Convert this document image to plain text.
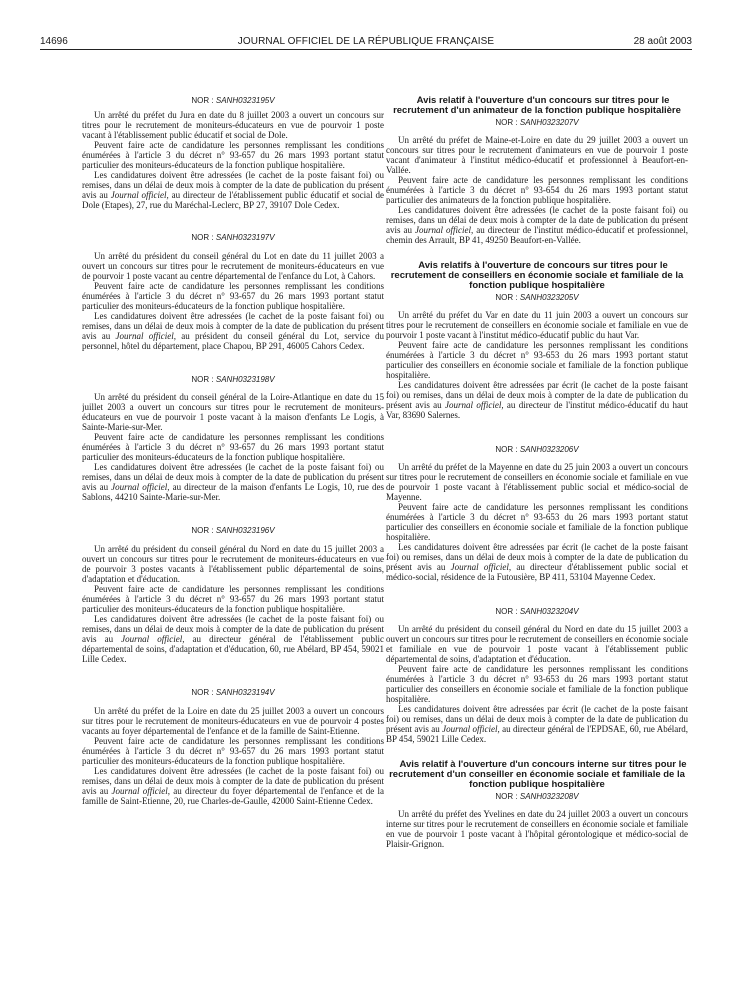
14696	JOURNAL OFFICIEL DE LA RÉPUBLIQUE FRANÇAISE	28 août 2003

NOR : SANH0323195V

Un arrêté du préfet du Jura en date du 8 juillet 2003 a ouvert un concours sur titres pour le recrutement de moniteurs-éducateurs en vue de pourvoir 1 poste vacant à l'établissement public éducatif et social de Dole.

Peuvent faire acte de candidature les personnes remplissant les conditions énumérées à l'article 3 du décret n° 93-657 du 26 mars 1993 portant statut particulier des moniteurs-éducateurs de la fonction publique hospitalière.

Les candidatures doivent être adressées (le cachet de la poste faisant foi) ou remises, dans un délai de deux mois à compter de la date de publication du présent avis au Journal officiel, au directeur de l'établissement public éducatif et social de Dole (Etapes), 27, rue du Maréchal-Leclerc, BP 27, 39107 Dole Cedex.

NOR : SANH0323197V

Un arrêté du président du conseil général du Lot en date du 11 juillet 2003 a ouvert un concours sur titres pour le recrutement de moniteurs-éducateurs en vue de pourvoir 1 poste vacant au centre départemental de l'enfance du Lot, à Cahors.

Peuvent faire acte de candidature les personnes remplissant les conditions énumérées à l'article 3 du décret n° 93-657 du 26 mars 1993 portant statut particulier des moniteurs-éducateurs de la fonction publique hospitalière.

Les candidatures doivent être adressées (le cachet de la poste faisant foi) ou remises, dans un délai de deux mois à compter de la date de publication du présent avis au Journal officiel, au président du conseil général du Lot, service du personnel, hôtel du département, place Chapou, BP 291, 46005 Cahors Cedex.

NOR : SANH0323198V

Un arrêté du président du conseil général de la Loire-Atlantique en date du 15 juillet 2003 a ouvert un concours sur titres pour le recrutement de moniteurs-éducateurs en vue de pourvoir 1 poste vacant à la maison d'enfants Le Logis, à Sainte-Marie-sur-Mer.

Peuvent faire acte de candidature les personnes remplissant les conditions énumérées à l'article 3 du décret n° 93-657 du 26 mars 1993 portant statut particulier des moniteurs-éducateurs de la fonction publique hospitalière.

Les candidatures doivent être adressées (le cachet de la poste faisant foi) ou remises, dans un délai de deux mois à compter de la date de publication du présent avis au Journal officiel, au directeur de la maison d'enfants Le Logis, 10, rue des Sablons, 44210 Sainte-Marie-sur-Mer.

NOR : SANH0323196V

Un arrêté du président du conseil général du Nord en date du 15 juillet 2003 a ouvert un concours sur titres pour le recrutement de moniteurs-éducateurs en vue de pourvoir 3 postes vacants à l'établissement public départemental de soins, d'adaptation et d'éducation.

Peuvent faire acte de candidature les personnes remplissant les conditions énumérées à l'article 3 du décret n° 93-657 du 26 mars 1993 portant statut particulier des moniteurs-éducateurs de la fonction publique hospitalière.

Les candidatures doivent être adressées (le cachet de la poste faisant foi) ou remises, dans un délai de deux mois à compter de la date de publication du présent avis au Journal officiel, au directeur général de l'établissement public départemental de soins, d'adaptation et d'éducation, 60, rue Abélard, BP 454, 59021 Lille Cedex.

NOR : SANH0323194V

Un arrêté du préfet de la Loire en date du 25 juillet 2003 a ouvert un concours sur titres pour le recrutement de moniteurs-éducateurs en vue de pourvoir 4 postes vacants au foyer départemental de l'enfance et de la famille de Saint-Etienne.

Peuvent faire acte de candidature les personnes remplissant les conditions énumérées à l'article 3 du décret n° 93-657 du 26 mars 1993 portant statut particulier des moniteurs-éducateurs de la fonction publique hospitalière.

Les candidatures doivent être adressées (le cachet de la poste faisant foi) ou remises, dans un délai de deux mois à compter de la date de publication du présent avis au Journal officiel, au directeur du foyer départemental de l'enfance et de la famille de Saint-Etienne, 20, rue Charles-de-Gaulle, 42000 Saint-Etienne Cedex.

Avis relatif à l'ouverture d'un concours sur titres pour le recrutement d'un animateur de la fonction publique hospitalière

NOR : SANH0323207V

Un arrêté du préfet de Maine-et-Loire en date du 29 juillet 2003 a ouvert un concours sur titres pour le recrutement d'animateurs en vue de pourvoir 1 poste vacant d'animateur à l'institut médico-éducatif et professionnel à Beaufort-en-Vallée.

Peuvent faire acte de candidature les personnes remplissant les conditions énumérées à l'article 3 du décret n° 93-654 du 26 mars 1993 portant statut particulier des animateurs de la fonction publique hospitalière.

Les candidatures doivent être adressées (le cachet de la poste faisant foi) ou remises, dans un délai de deux mois à compter de la date de publication du présent avis au Journal officiel, au directeur de l'institut médico-éducatif et professionnel, chemin des Arrault, BP 41, 49250 Beaufort-en-Vallée.

Avis relatifs à l'ouverture de concours sur titres pour le recrutement de conseillers en économie sociale et familiale de la fonction publique hospitalière

NOR : SANH0323205V

Un arrêté du préfet du Var en date du 11 juin 2003 a ouvert un concours sur titres pour le recrutement de conseillers en économie sociale et familiale en vue de pourvoir 1 poste vacant à l'institut médico-éducatif public du haut Var.

Peuvent faire acte de candidature les personnes remplissant les conditions énumérées à l'article 3 du décret n° 93-653 du 26 mars 1993 portant statut particulier des conseillers en économie sociale et familiale de la fonction publique hospitalière.

Les candidatures doivent être adressées par écrit (le cachet de la poste faisant foi) ou remises, dans un délai de deux mois à compter de la date de publication du présent avis au Journal officiel, au directeur de l'institut médico-éducatif du haut Var, 83690 Salernes.

NOR : SANH0323206V

Un arrêté du préfet de la Mayenne en date du 25 juin 2003 a ouvert un concours sur titres pour le recrutement de conseillers en économie sociale et familiale en vue de pourvoir 1 poste vacant à l'établissement public social et médico-social de Mayenne.

Peuvent faire acte de candidature les personnes remplissant les conditions énumérées à l'article 3 du décret n° 93-653 du 26 mars 1993 portant statut particulier des conseillers en économie sociale et familiale de la fonction publique hospitalière.

Les candidatures doivent être adressées par écrit (le cachet de la poste faisant foi) ou remises, dans un délai de deux mois à compter de la date de publication du présent avis au Journal officiel, au directeur d'établissement public social et médico-social, résidence de la Futousière, BP 411, 53104 Mayenne Cedex.

NOR : SANH0323204V

Un arrêté du président du conseil général du Nord en date du 15 juillet 2003 a ouvert un concours sur titres pour le recrutement de conseillers en économie sociale et familiale en vue de pourvoir 1 poste vacant à l'établissement public départemental de soins, d'adaptation et d'éducation.

Peuvent faire acte de candidature les personnes remplissant les conditions énumérées à l'article 3 du décret n° 93-653 du 26 mars 1993 portant statut particulier des conseillers en économie sociale et familiale de la fonction publique hospitalière.

Les candidatures doivent être adressées par écrit (le cachet de la poste faisant foi) ou remises, dans un délai de deux mois à compter de la date de publication du présent avis au Journal officiel, au directeur général de l'EPDSAE, 60, rue Abélard, BP 454, 59021 Lille Cedex.

Avis relatif à l'ouverture d'un concours interne sur titres pour le recrutement d'un conseiller en économie sociale et familiale de la fonction publique hospitalière

NOR : SANH0323208V

Un arrêté du préfet des Yvelines en date du 24 juillet 2003 a ouvert un concours interne sur titres pour le recrutement de conseillers en économie sociale et familiale en vue de pourvoir 1 poste vacant à l'hôpital gérontologique et médico-social de Plaisir-Grignon.
